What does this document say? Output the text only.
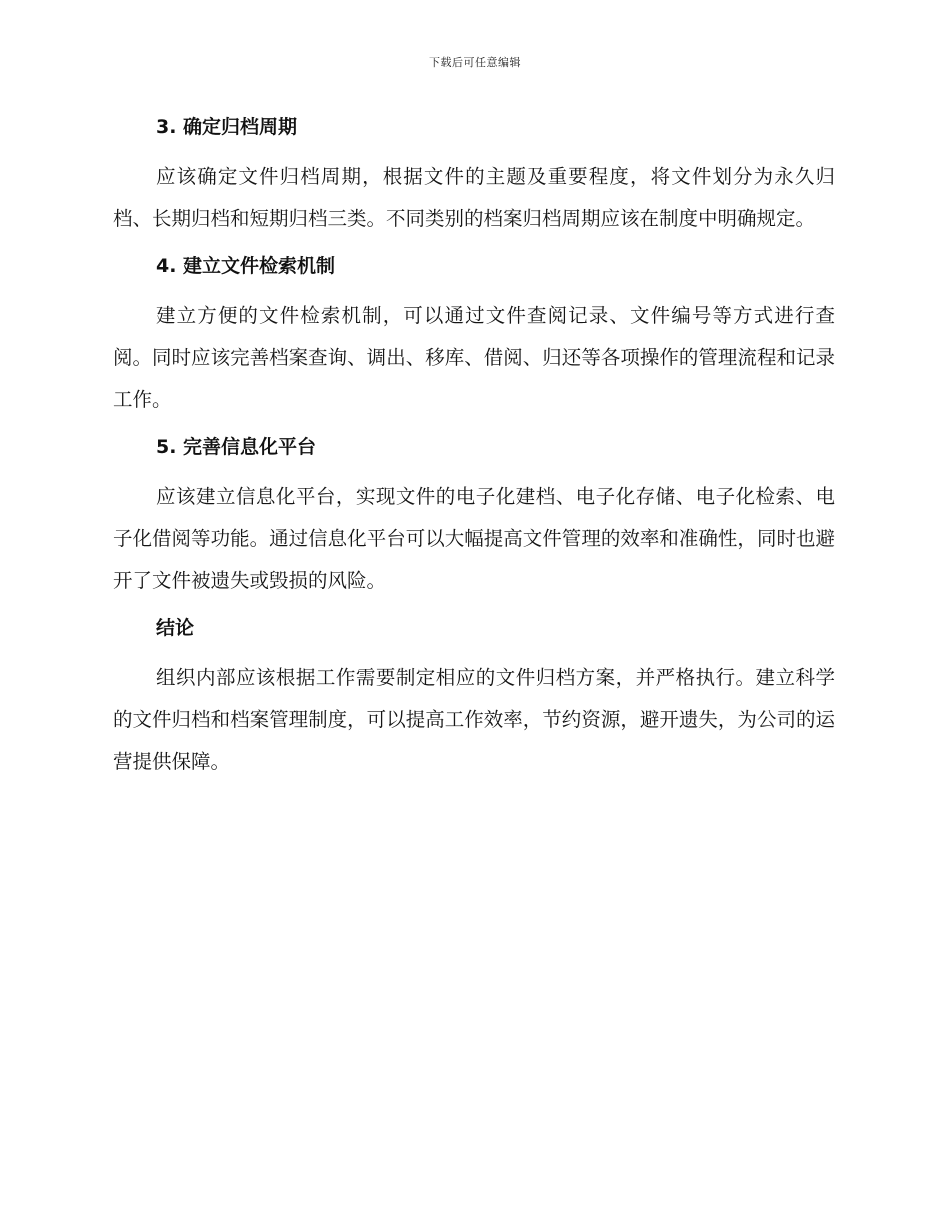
下载后可任意编辑
3. 确定归档周期

应该确定文件归档周期，根据文件的主题及重要程度，将文件划分为永久归档、长期归档和短期归档三类。不同类别的档案归档周期应该在制度中明确规定。

4. 建立文件检索机制

建立方便的文件检索机制，可以通过文件查阅记录、文件编号等方式进行查阅。同时应该完善档案查询、调出、移库、借阅、归还等各项操作的管理流程和记录工作。

5. 完善信息化平台

应该建立信息化平台，实现文件的电子化建档、电子化存储、电子化检索、电子化借阅等功能。通过信息化平台可以大幅提高文件管理的效率和准确性，同时也避开了文件被遗失或毁损的风险。

结论

组织内部应该根据工作需要制定相应的文件归档方案，并严格执行。建立科学的文件归档和档案管理制度，可以提高工作效率，节约资源，避开遗失，为公司的运营提供保障。
